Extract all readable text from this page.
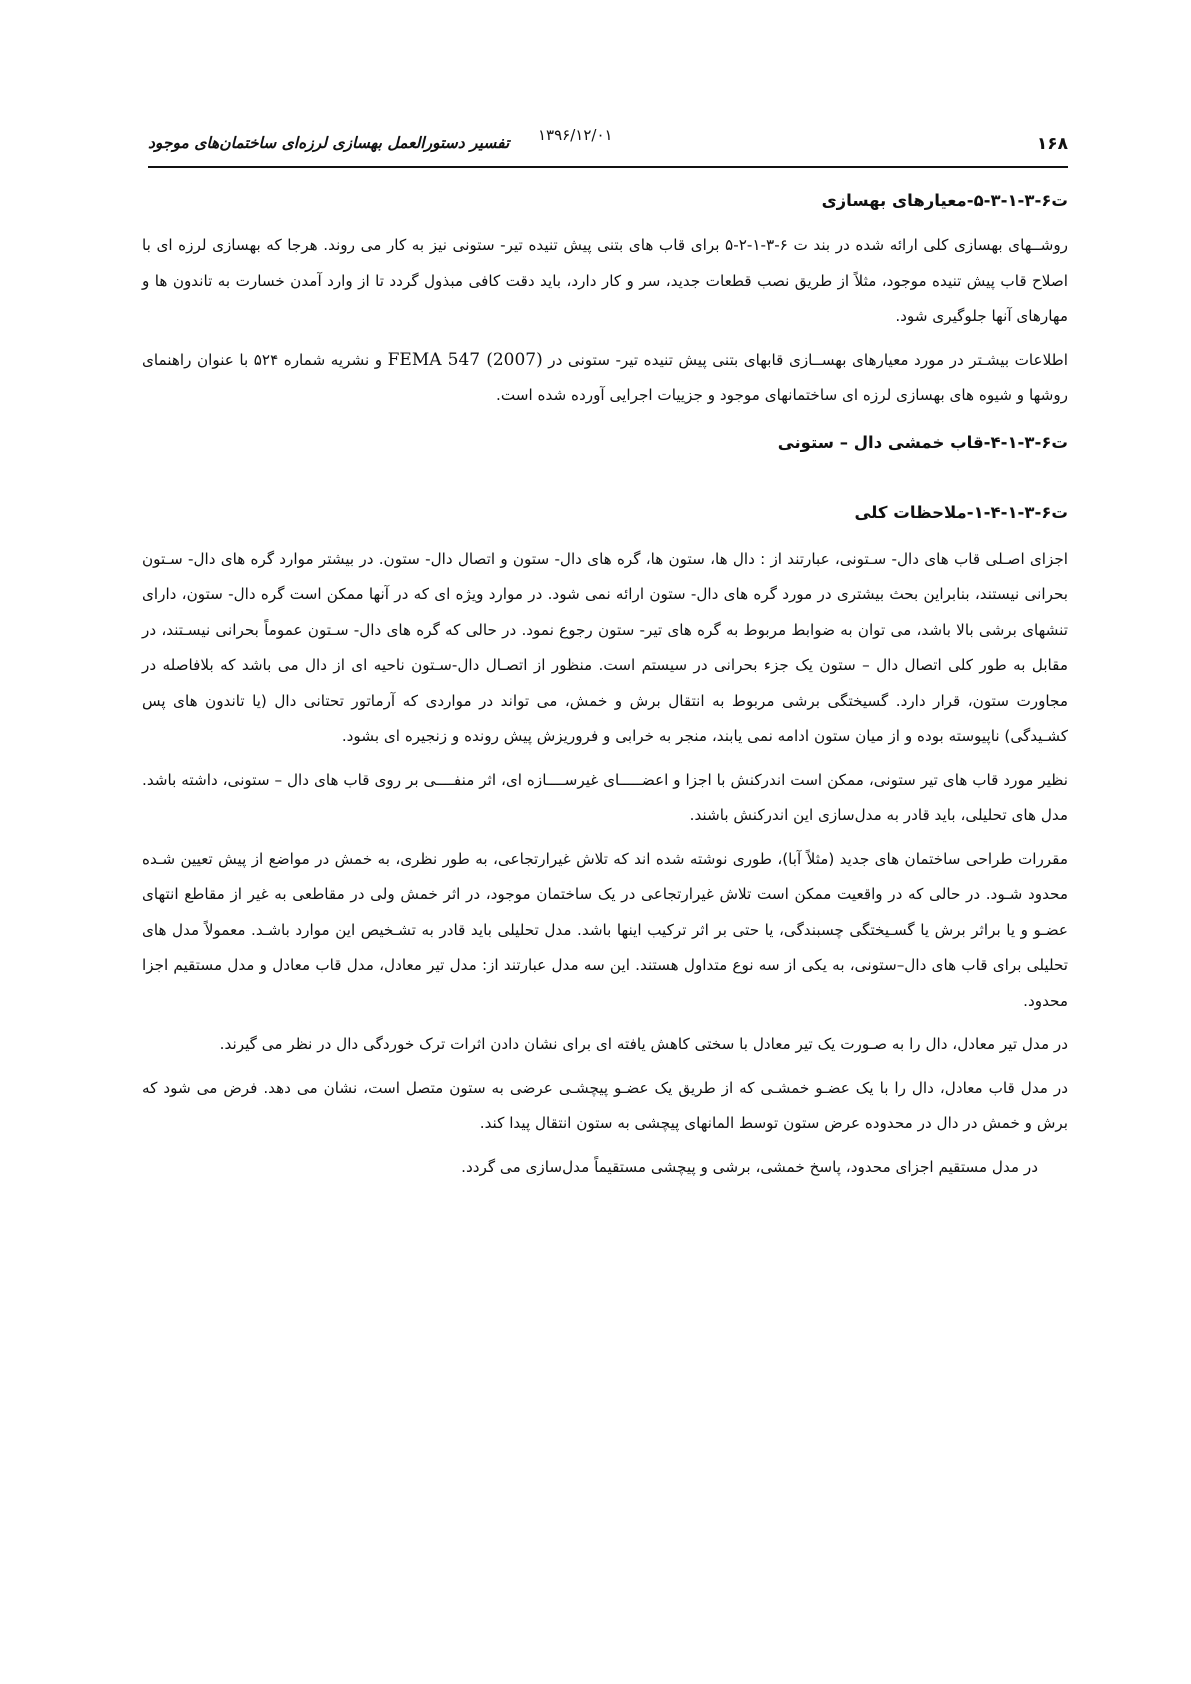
۱۶۸
۱۳۹۶/۱۲/۰۱
تفسیر دستورالعمل بهسازی لرزه‌ای ساختمان‌های موجود
ت۶-۳-۱-۳-۵-معیارهای بهسازی

روشــهای بهسازی کلی ارائه شده در بند ت ۶-۳-۱-۲-۵ برای قاب های بتنی پیش تنیده تیر- ستونی نیز به کار می روند. هرجا که بهسازی لرزه ای با اصلاح قاب پیش تنیده موجود، مثلاً از طریق نصب قطعات جدید، سر و کار دارد، باید دقت کافی مبذول گردد تا از وارد آمدن خسارت به تاندون ها و مهارهای آنها جلوگیری شود.

اطلاعات بیشـتر در مورد معیارهای بهســازی قابهای بتنی پیش تنیده تیر- ستونی در FEMA 547 (2007) و نشریه شماره ۵۲۴ با عنوان راهنمای روشها و شیوه های بهسازی لرزه ای ساختمانهای موجود و جزییات اجرایی آورده شده است.

ت۶-۳-۱-۴-قاب خمشی دال – ستونی
ت۶-۳-۱-۴-۱-ملاحظات کلی

اجزای اصـلی قاب های دال- سـتونی، عبارتند از : دال ها، ستون ها، گره های دال- ستون و اتصال دال- ستون. در بیشتر موارد گره های دال- سـتون بحرانی نیستند، بنابراین بحث بیشتری در مورد گره های دال- ستون ارائه نمی شود. در موارد ویژه ای که در آنها ممکن است گره دال- ستون، دارای تنشهای برشی بالا باشد، می توان به ضوابط مربوط به گره های تیر- ستون رجوع نمود. در حالی که گره های دال- سـتون عموماً بحرانی نیسـتند، در مقابل به طور کلی اتصال دال – ستون یک جزء بحرانی در سیستم است. منظور از اتصـال دال-سـتون ناحیه ای از دال می باشد که بلافاصله در مجاورت ستون، قرار دارد. گسیختگی برشی مربوط به انتقال برش و خمش، می تواند در مواردی که آرماتور تحتانی دال (یا تاندون های پس کشـیدگی) ناپیوسته بوده و از میان ستون ادامه نمی یابند، منجر به خرابی و فروریزش پیش رونده و زنجیره ای بشود.

نظیر مورد قاب های تیر ستونی، ممکن است اندرکنش با اجزا و اعضـــــای غیرســــازه ای، اثر منفــــی بر روی قاب های دال – ستونی، داشته باشد. مدل های تحلیلی، باید قادر به مدل‌سازی این اندرکنش باشند.

مقررات طراحی ساختمان های جدید (مثلاً آبا)، طوری نوشته شده اند که تلاش غیرارتجاعی، به طور نظری، به خمش در مواضع از پیش تعیین شـده محدود شـود. در حالی که در واقعیت ممکن است تلاش غیرارتجاعی در یک ساختمان موجود، در اثر خمش ولی در مقاطعی به غیر از مقاطع انتهای عضـو و یا براثر برش یا گسـیختگی چسبندگی، یا حتی بر اثر ترکیب اینها باشد. مدل تحلیلی باید قادر به تشـخیص این موارد باشـد. معمولاً مدل های تحلیلی برای قاب های دال–ستونی، به یکی از سه نوع متداول هستند. این سه مدل عبارتند از: مدل تیر معادل، مدل قاب معادل و مدل مستقیم اجزا محدود.

در مدل تیر معادل، دال را به صـورت یک تیر معادل با سختی کاهش یافته ای برای نشان دادن اثرات ترک خوردگی دال در نظر می گیرند.

در مدل قاب معادل، دال را با یک عضـو خمشـی که از طریق یک عضـو پیچشـی عرضی به ستون متصل است، نشان می دهد. فرض می شود که برش و خمش در دال در محدوده عرض ستون توسط المانهای پیچشی به ستون انتقال پیدا کند.

در مدل مستقیم اجزای محدود، پاسخ خمشی، برشی و پیچشی مستقیماً مدل‌سازی می گردد.
